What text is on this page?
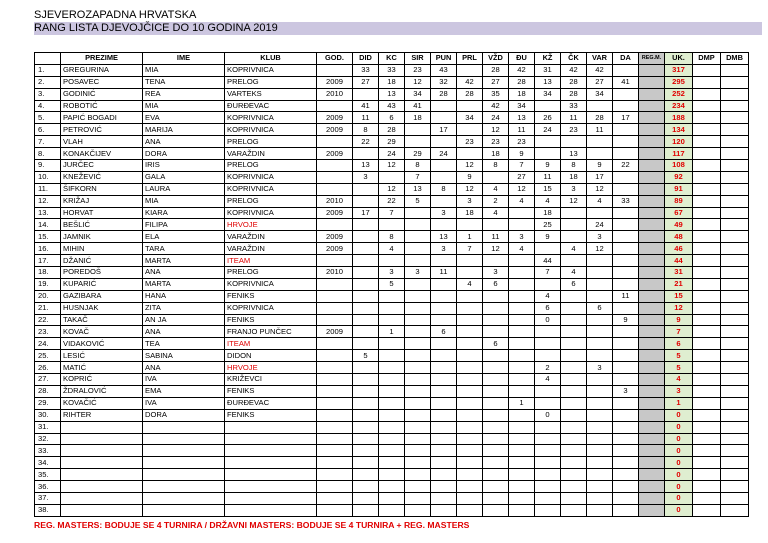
SJEVEROZAPADNA HRVATSKA
RANG LISTA DJEVOJČICE DO 10 GODINA 2019
	PREZIME	IME	KLUB	GOD.	DID	KC	SIR	PUN	PRL	VŽD	ĐU	KŽ	ČK	VAR	DA	REG.M.	UK.	DMP	DMB
1.	GREGURINA	MIA	KOPRIVNICA		33	33	23	43		28	42	31	42	42			317		
2.	POSAVEC	TENA	PRELOG	2009	27	18	12	32	42	27	28	13	28	27	41		295		
3.	GODINIĆ	REA	VARTEKS	2010		13	34	28	28	35	18	34	28	34			252		
4.	ROBOTIĆ	MIA	ĐURĐEVAC		41	43	41			42	34		33				234		
5.	PAPIĆ BOGADI	EVA	KOPRIVNICA	2009	11	6	18		34	24	13	26	11	28	17		188		
6.	PETROVIĆ	MARIJA	KOPRIVNICA	2009	8	28		17		12	11	24	23	11			134		
7.	VLAH	ANA	PRELOG		22	29			23	23	23						120		
8.	KONAKČIJEV	DORA	VARAŽDIN	2009		24	29	24		18	9		13				117		
9.	JURČEC	IRIS	PRELOG		13	12	8		12	8	7	9	8	9	22		108		
10.	KNEŽEVIĆ	GALA	KOPRIVNICA		3		7		9		27	11	18	17			92		
11.	ŠIFKORN	LAURA	KOPRIVNICA			12	13	8	12	4	12	15	3	12			91		
12.	KRIŽAJ	MIA	PRELOG	2010		22	5		3	2	4	4	12	4	33		89		
13.	HORVAT	KIARA	KOPRIVNICA	2009	17	7		3	18	4		18					67		
14.	BEŠLIĆ	FILIPA	HRVOJE									25		24			49		
15.	JAMNIK	ELA	VARAŽDIN	2009		8		13	1	11	3	9		3			48		
16.	MIHIN	TARA	VARAŽDIN	2009		4		3	7	12	4		4	12			46		
17.	DŽANIĆ	MARTA	ITEAM									44					44		
18.	POREDOŠ	ANA	PRELOG	2010		3	3	11		3		7	4				31		
19.	KUPARIĆ	MARTA	KOPRIVNICA			5			4	6			6				21		
20.	GAZIBARA	HANA	FENIKS									4			11		15		
21.	HUSNJAK	ZITA	KOPRIVNICA									6		6			12		
22.	TAKAČ	AN JA	FENIKS									0			9		9		
23.	KOVAČ	ANA	FRANJO PUNČEC	2009		1		6									7		
24.	VIDAKOVIĆ	TEA	ITEAM							6							6		
25.	LESIĆ	SABINA	DIDON		5												5		
26.	MATIĆ	ANA	HRVOJE									2		3			5		
27.	KOPRIĆ	IVA	KRIŽEVCI									4					4		
28.	ŽDRALOVIĆ	EMA	FENIKS												3		3		
29.	KOVAČIĆ	IVA	ĐURĐEVAC								1						1		
30.	RIHTER	DORA	FENIKS									0					0		
31.																	0		
32.																	0		
33.																	0		
34.																	0		
35.																	0		
36.																	0		
37.																	0		
38.																	0		
REG. MASTERS: BODUJE SE 4 TURNIRA / DRŽAVNI MASTERS: BODUJE SE 4 TURNIRA + REG. MASTERS
